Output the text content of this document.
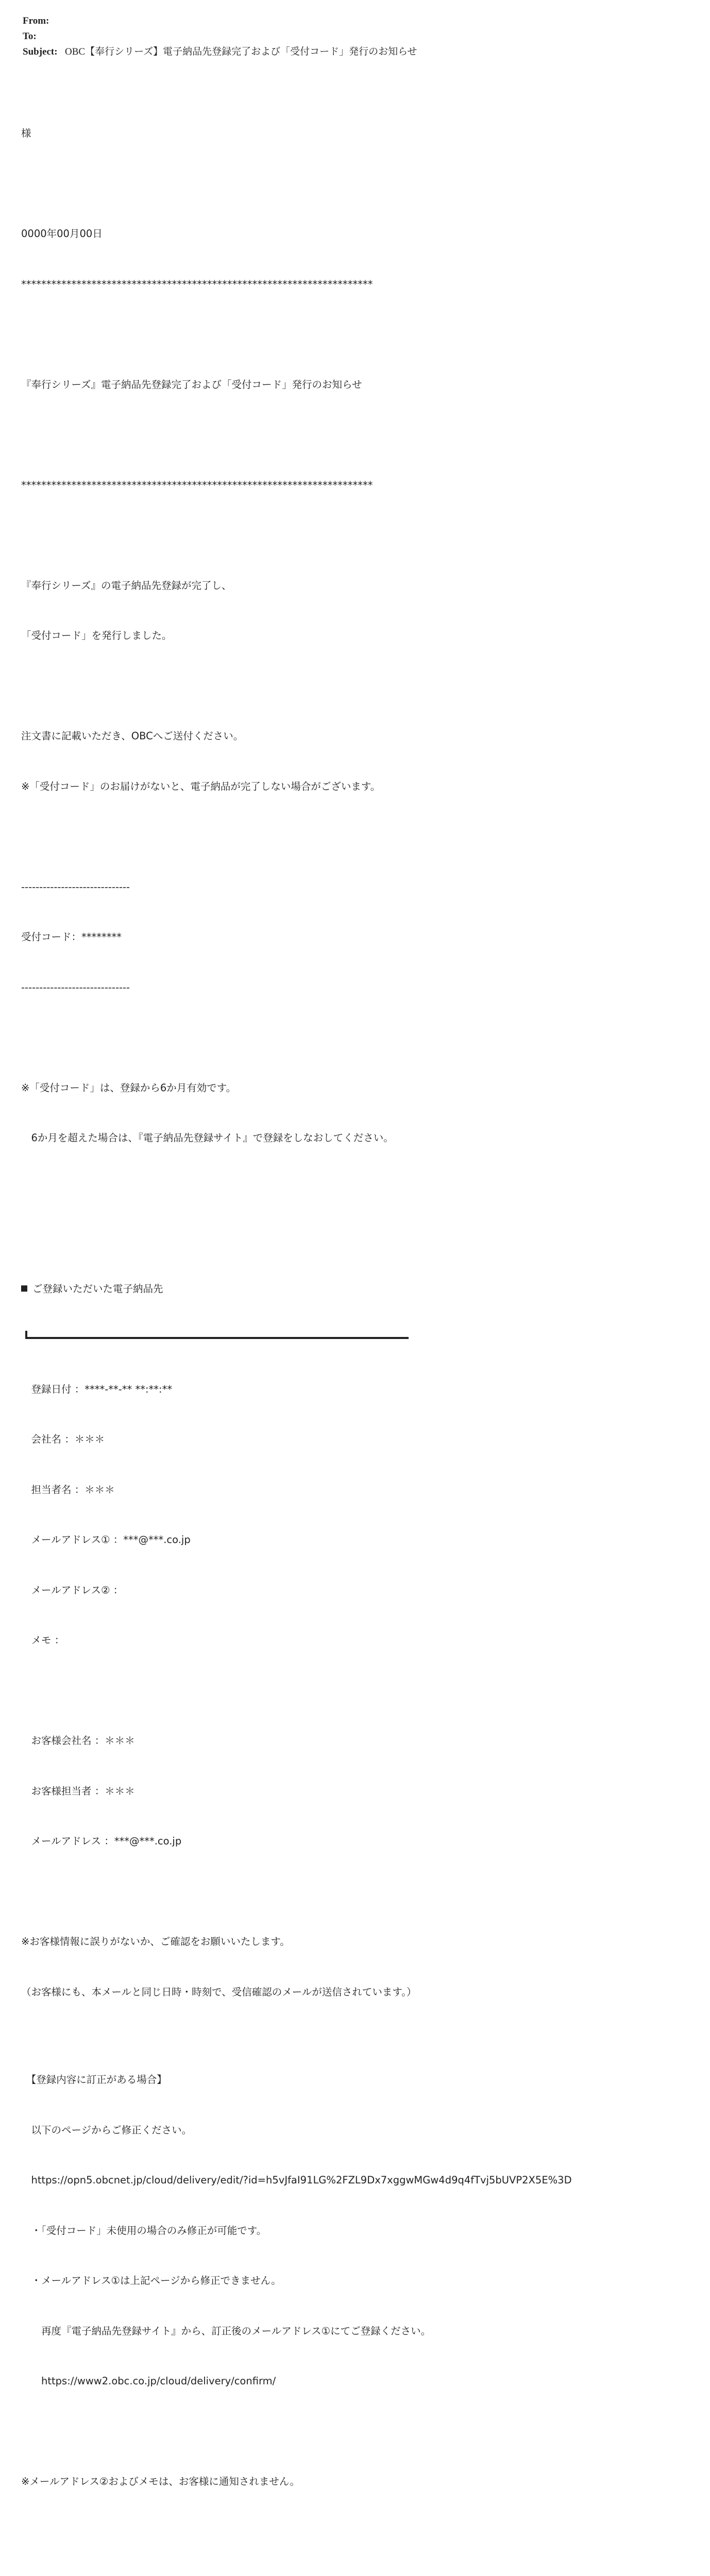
From:
To:
Subject: OBC【奉行シリーズ】電子納品先登録完了および「受付コード」発行のお知らせ

様

0000年00月00日

**********************************************************************

『奉行シリーズ』電子納品先登録完了および「受付コード」発行のお知らせ

**********************************************************************

『奉行シリーズ』の電子納品先登録が完了し、

「受付コード」を発行しました。

注文書に記載いただき、OBCへご送付ください。

※「受付コード」のお届けがないと、電子納品が完了しない場合がございます。

------------------------------

受付コード：********

------------------------------

※「受付コード」は、登録から6か月有効です。

　6か月を超えた場合は、『電子納品先登録サイト』で登録をしなおしてください。

ご登録いただいた電子納品先

　登録日付 ：****-**-** **:**:**

　会社名 ：＊＊＊

　担当者名 ：＊＊＊

　メールアドレス① ：***@***.co.jp

　メールアドレス② ：

　メモ ：

　お客様会社名 ：＊＊＊

　お客様担当者 ：＊＊＊

　メールアドレス ：***@***.co.jp

※お客様情報に誤りがないか、ご確認をお願いいたします。

（お客様にも、本メールと同じ日時・時刻で、受信確認のメールが送信されています。）

　【登録内容に訂正がある場合】

　以下のページからご修正ください。

　https://opn5.obcnet.jp/cloud/delivery/edit/?id=h5vJfaI91LG%2FZL9Dx7xggwMGw4d9q4fTvj5bUVP2X5E%3D

　・「受付コード」未使用の場合のみ修正が可能です。

　・メールアドレス①は上記ページから修正できません。

　　再度『電子納品先登録サイト』から、訂正後のメールアドレス①にてご登録ください。

　　https://www2.obc.co.jp/cloud/delivery/confirm/

※メールアドレス②およびメモは、お客様に通知されません。
